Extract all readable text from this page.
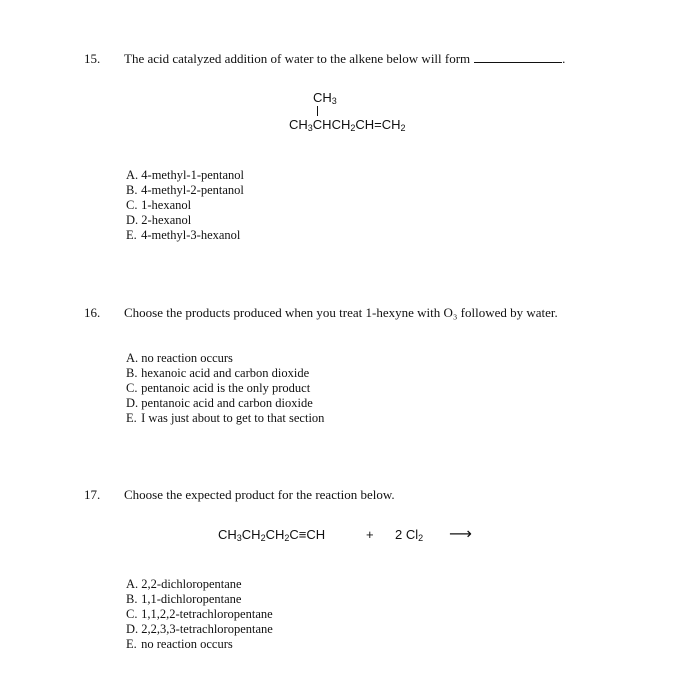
15. The acid catalyzed addition of water to the alkene below will form	.
$CH_3$
$CH_3CHCH_2CH=CH_2$
A. 4-methyl-1-pentanol
B. 4-methyl-2-pentanol
C. 1-hexanol
D. 2-hexanol
E. 4-methyl-3-hexanol
16. Choose the products produced when you treat 1-hexyne with O₃ followed by water.
A. no reaction occurs
B. hexanoic acid and carbon dioxide
C. pentanoic acid is the only product
D. pentanoic acid and carbon dioxide
E. I was just about to get to that section
17. Choose the expected product for the reaction below.
$CH_3CH_2CH_2C\equiv CH$	+ 2 $Cl_2$ ⟶
A. 2,2-dichloropentane
B. 1,1-dichloropentane
C. 1,1,2,2-tetrachloropentane
D. 2,2,3,3-tetrachloropentane
E. no reaction occurs
